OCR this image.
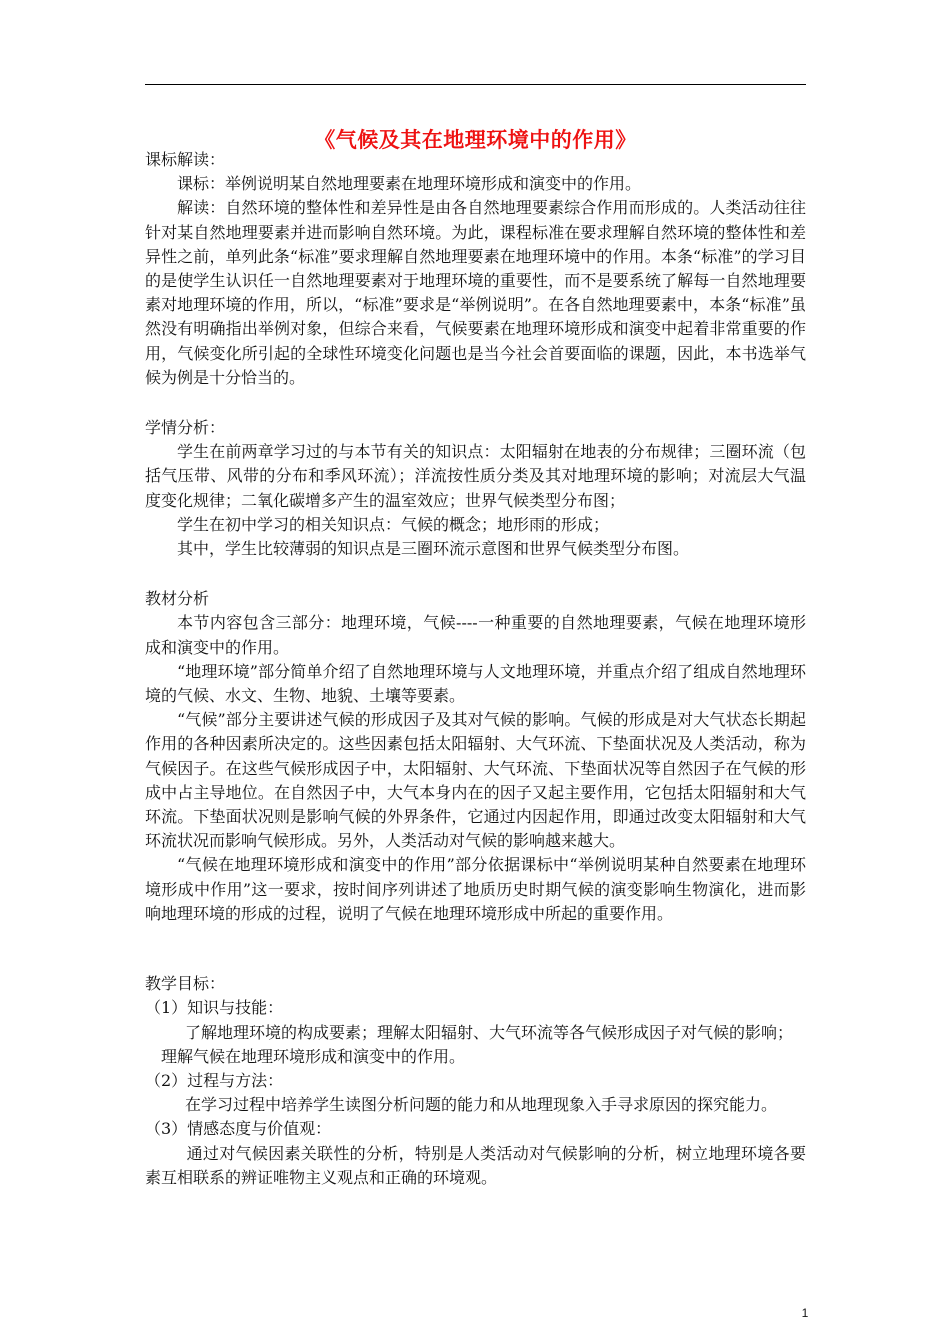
《气候及其在地理环境中的作用》

课标解读：

课标：举例说明某自然地理要素在地理环境形成和演变中的作用。

解读：自然环境的整体性和差异性是由各自然地理要素综合作用而形成的。人类活动往往针对某自然地理要素并进而影响自然环境。为此，课程标准在要求理解自然环境的整体性和差异性之前，单列此条“标准”要求理解自然地理要素在地理环境中的作用。本条“标准”的学习目的是使学生认识任一自然地理要素对于地理环境的重要性，而不是要系统了解每一自然地理要素对地理环境的作用，所以，“标准”要求是“举例说明”。在各自然地理要素中，本条“标准”虽然没有明确指出举例对象，但综合来看，气候要素在地理环境形成和演变中起着非常重要的作用，气候变化所引起的全球性环境变化问题也是当今社会首要面临的课题，因此，本书选举气候为例是十分恰当的。

学情分析：

学生在前两章学习过的与本节有关的知识点：太阳辐射在地表的分布规律；三圈环流（包括气压带、风带的分布和季风环流）；洋流按性质分类及其对地理环境的影响；对流层大气温度变化规律；二氧化碳增多产生的温室效应；世界气候类型分布图；

学生在初中学习的相关知识点：气候的概念；地形雨的形成；

其中，学生比较薄弱的知识点是三圈环流示意图和世界气候类型分布图。

教材分析

本节内容包含三部分：地理环境，气候----一种重要的自然地理要素，气候在地理环境形成和演变中的作用。

“地理环境”部分简单介绍了自然地理环境与人文地理环境，并重点介绍了组成自然地理环境的气候、水文、生物、地貌、土壤等要素。

“气候”部分主要讲述气候的形成因子及其对气候的影响。气候的形成是对大气状态长期起作用的各种因素所决定的。这些因素包括太阳辐射、大气环流、下垫面状况及人类活动，称为气候因子。在这些气候形成因子中，太阳辐射、大气环流、下垫面状况等自然因子在气候的形成中占主导地位。在自然因子中，大气本身内在的因子又起主要作用，它包括太阳辐射和大气环流。下垫面状况则是影响气候的外界条件，它通过内因起作用，即通过改变太阳辐射和大气环流状况而影响气候形成。另外，人类活动对气候的影响越来越大。

“气候在地理环境形成和演变中的作用”部分依据课标中“举例说明某种自然要素在地理环境形成中作用”这一要求，按时间序列讲述了地质历史时期气候的演变影响生物演化，进而影响地理环境的形成的过程，说明了气候在地理环境形成中所起的重要作用。

教学目标：

（1）知识与技能：

了解地理环境的构成要素；理解太阳辐射、大气环流等各气候形成因子对气候的影响；

理解气候在地理环境形成和演变中的作用。

（2）过程与方法：

在学习过程中培养学生读图分析问题的能力和从地理现象入手寻求原因的探究能力。

（3）情感态度与价值观：

通过对气候因素关联性的分析，特别是人类活动对气候影响的分析，树立地理环境各要素互相联系的辨证唯物主义观点和正确的环境观。

1
